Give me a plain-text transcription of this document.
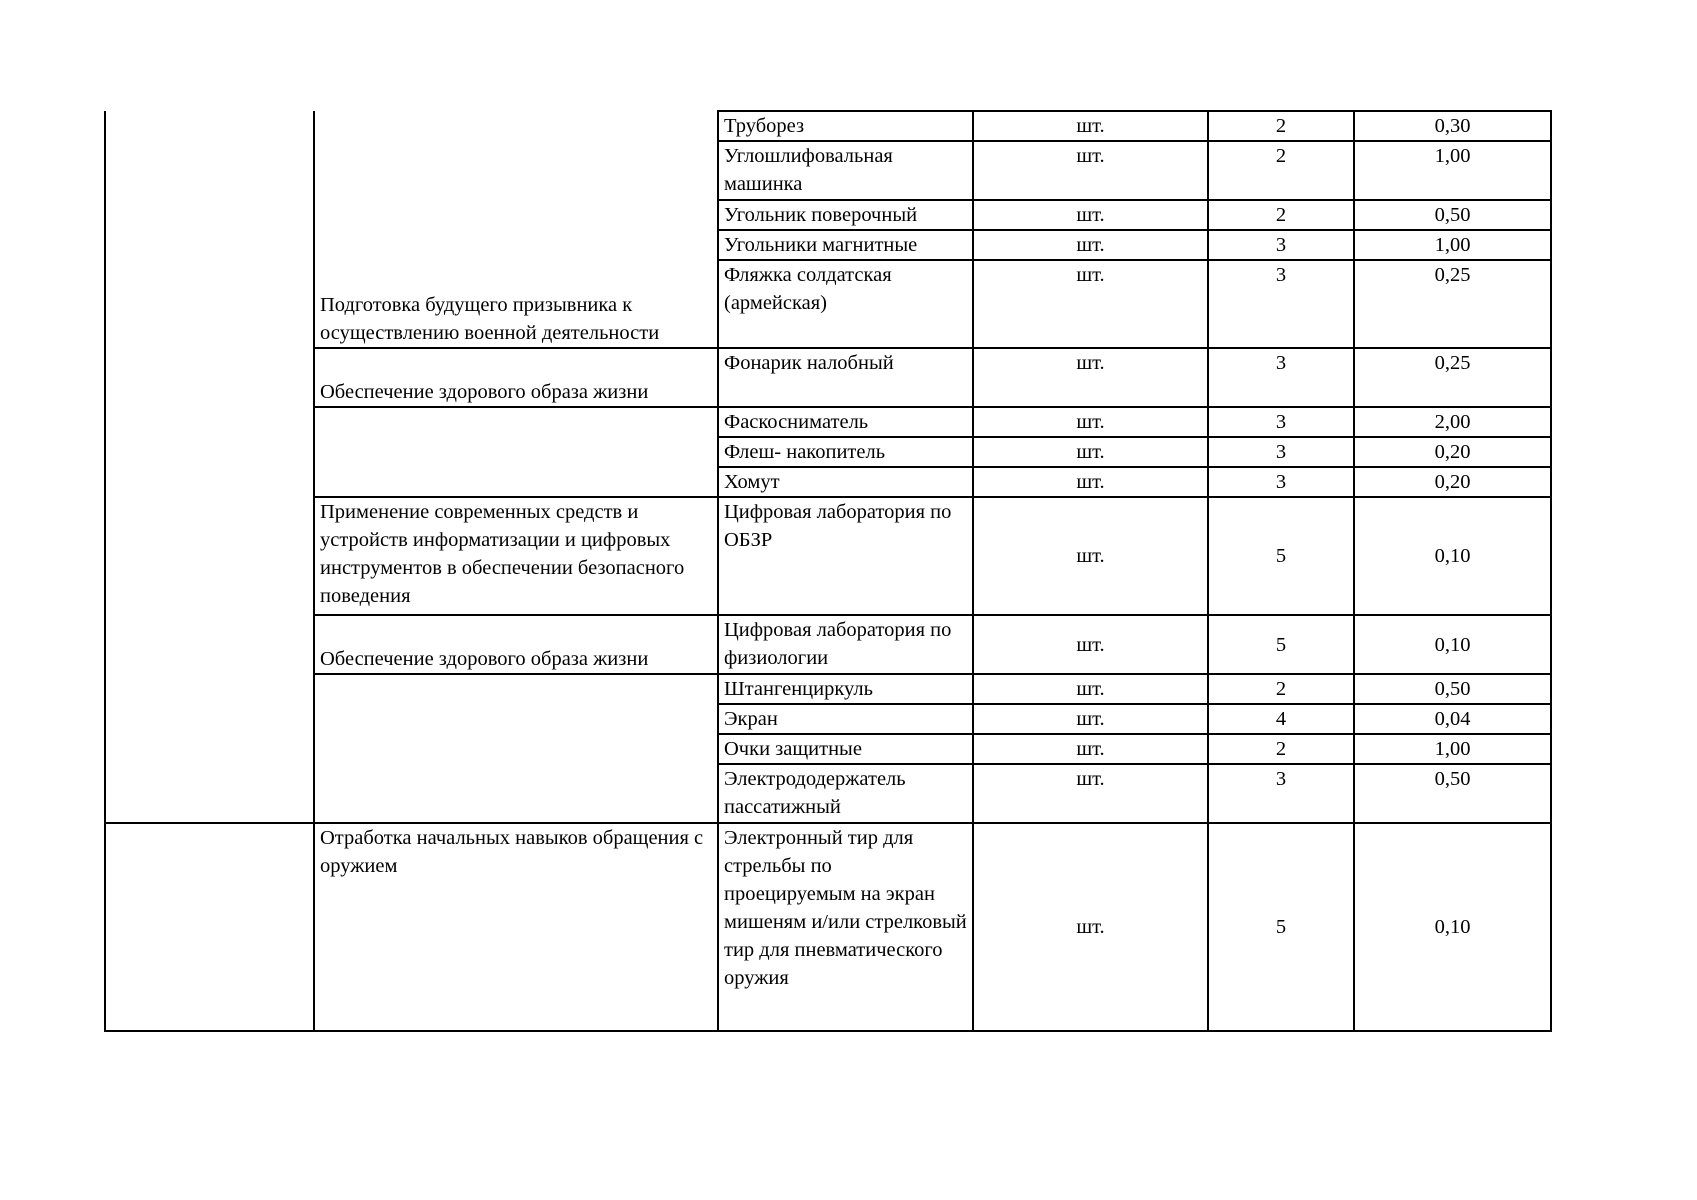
	Подготовка будущего призывника к осуществлению военной деятельности	Труборез	шт.	2	0,30
		Углошлифовальная машинка	шт.	2	1,00
		Угольник поверочный	шт.	2	0,50
		Угольники магнитные	шт.	3	1,00
		Фляжка солдатская (армейская)	шт.	3	0,25
	Обеспечение здорового образа жизни	Фонарик налобный	шт.	3	0,25
		Фаскосниматель	шт.	3	2,00
		Флеш- накопитель	шт.	3	0,20
		Хомут	шт.	3	0,20
	Применение современных средств и устройств информатизации и цифровых инструментов в обеспечении безопасного поведения	Цифровая лаборатория по ОБЗР	шт.	5	0,10
	Обеспечение здорового образа жизни	Цифровая лаборатория по физиологии	шт.	5	0,10
		Штангенциркуль	шт.	2	0,50
		Экран	шт.	4	0,04
		Очки защитные	шт.	2	1,00
		Электрододержатель пассатижный	шт.	3	0,50
	Отработка начальных навыков обращения с оружием	Электронный тир для стрельбы по проецируемым на экран мишеням и/или стрелковый тир для пневматического оружия	шт.	5	0,10
